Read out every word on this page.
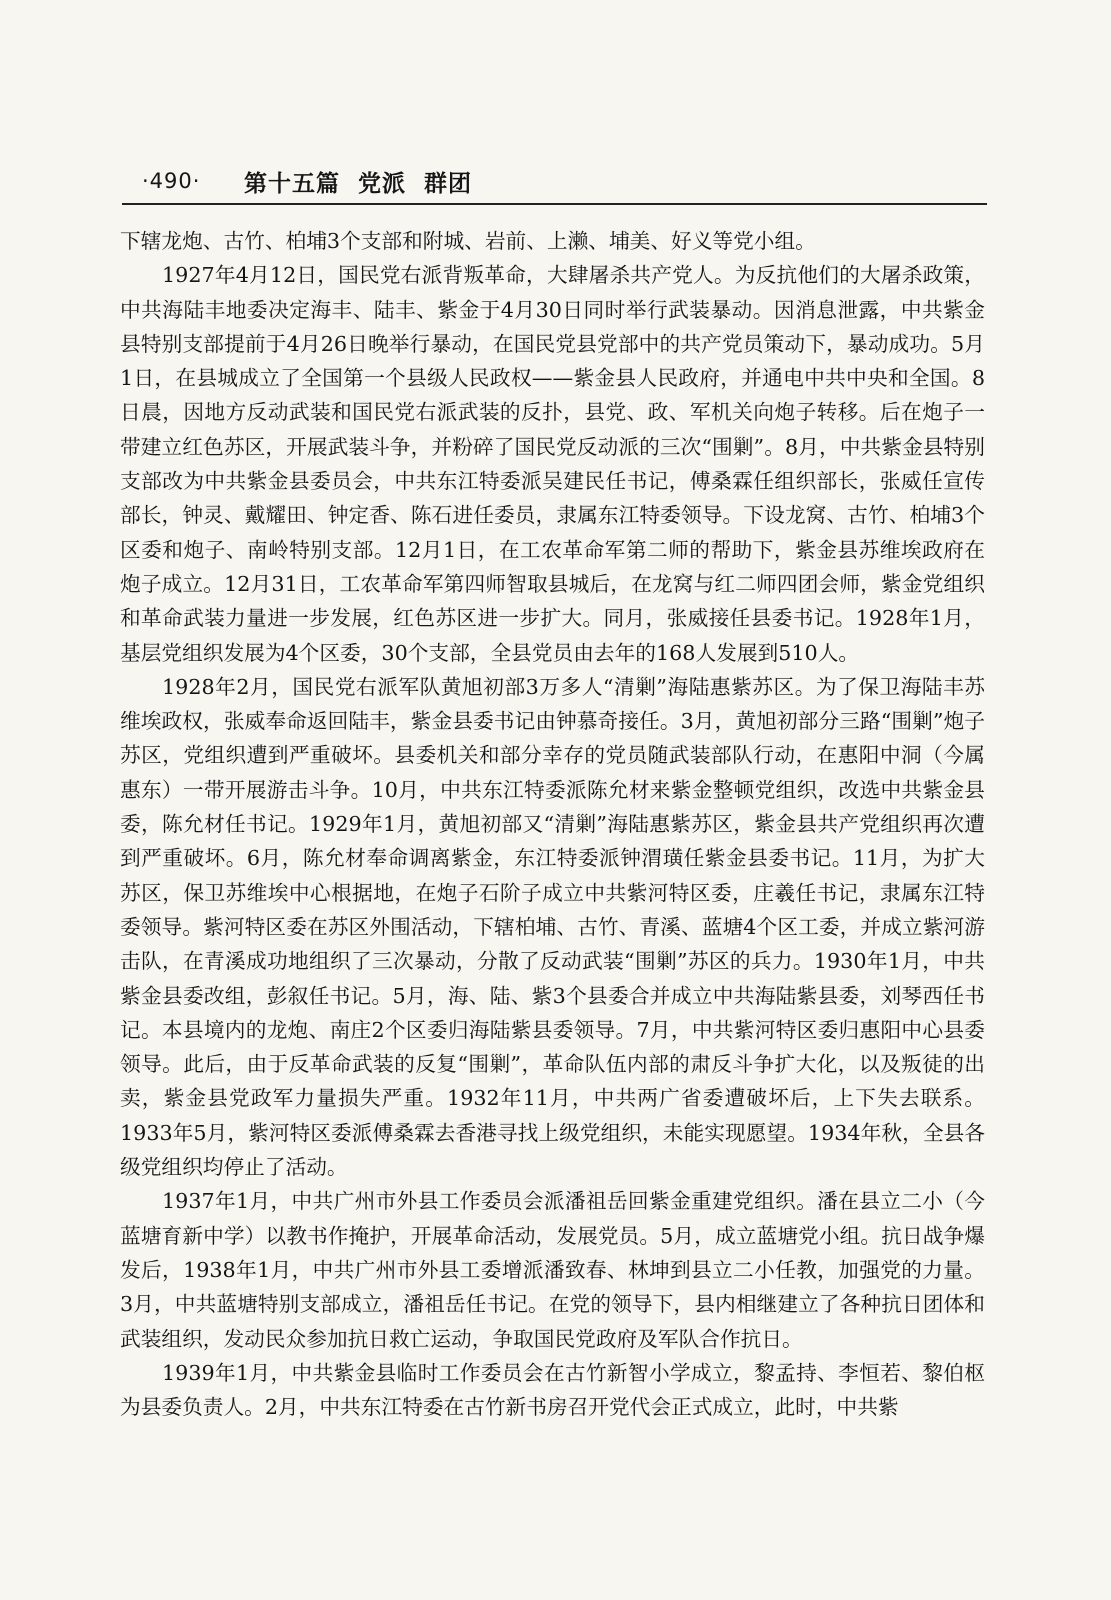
·490· 第十五篇  党派  群团

下辖龙炮、古竹、柏埔3个支部和附城、岩前、上濑、埔美、好义等党小组。

1927年4月12日，国民党右派背叛革命，大肆屠杀共产党人。为反抗他们的大屠杀政策，中共海陆丰地委决定海丰、陆丰、紫金于4月30日同时举行武装暴动。因消息泄露，中共紫金县特别支部提前于4月26日晚举行暴动，在国民党县党部中的共产党员策动下，暴动成功。5月1日，在县城成立了全国第一个县级人民政权——紫金县人民政府，并通电中共中央和全国。8日晨，因地方反动武装和国民党右派武装的反扑，县党、政、军机关向炮子转移。后在炮子一带建立红色苏区，开展武装斗争，并粉碎了国民党反动派的三次“围剿”。8月，中共紫金县特别支部改为中共紫金县委员会，中共东江特委派吴建民任书记，傅桑霖任组织部长，张威任宣传部长，钟灵、戴耀田、钟定香、陈石进任委员，隶属东江特委领导。下设龙窝、古竹、柏埔3个区委和炮子、南岭特别支部。12月1日，在工农革命军第二师的帮助下，紫金县苏维埃政府在炮子成立。12月31日，工农革命军第四师智取县城后，在龙窝与红二师四团会师，紫金党组织和革命武装力量进一步发展，红色苏区进一步扩大。同月，张威接任县委书记。1928年1月，基层党组织发展为4个区委，30个支部，全县党员由去年的168人发展到510人。

1928年2月，国民党右派军队黄旭初部3万多人“清剿”海陆惠紫苏区。为了保卫海陆丰苏维埃政权，张威奉命返回陆丰，紫金县委书记由钟慕奇接任。3月，黄旭初部分三路“围剿”炮子苏区，党组织遭到严重破坏。县委机关和部分幸存的党员随武装部队行动，在惠阳中洞（今属惠东）一带开展游击斗争。10月，中共东江特委派陈允材来紫金整顿党组织，改选中共紫金县委，陈允材任书记。1929年1月，黄旭初部又“清剿”海陆惠紫苏区，紫金县共产党组织再次遭到严重破坏。6月，陈允材奉命调离紫金，东江特委派钟渭璜任紫金县委书记。11月，为扩大苏区，保卫苏维埃中心根据地，在炮子石阶子成立中共紫河特区委，庄羲任书记，隶属东江特委领导。紫河特区委在苏区外围活动，下辖柏埔、古竹、青溪、蓝塘4个区工委，并成立紫河游击队，在青溪成功地组织了三次暴动，分散了反动武装“围剿”苏区的兵力。1930年1月，中共紫金县委改组，彭叙任书记。5月，海、陆、紫3个县委合并成立中共海陆紫县委，刘琴西任书记。本县境内的龙炮、南庄2个区委归海陆紫县委领导。7月，中共紫河特区委归惠阳中心县委领导。此后，由于反革命武装的反复“围剿”，革命队伍内部的肃反斗争扩大化，以及叛徒的出卖，紫金县党政军力量损失严重。1932年11月，中共两广省委遭破坏后，上下失去联系。1933年5月，紫河特区委派傅桑霖去香港寻找上级党组织，未能实现愿望。1934年秋，全县各级党组织均停止了活动。

1937年1月，中共广州市外县工作委员会派潘祖岳回紫金重建党组织。潘在县立二小（今蓝塘育新中学）以教书作掩护，开展革命活动，发展党员。5月，成立蓝塘党小组。抗日战争爆发后，1938年1月，中共广州市外县工委增派潘致春、林坤到县立二小任教，加强党的力量。3月，中共蓝塘特别支部成立，潘祖岳任书记。在党的领导下，县内相继建立了各种抗日团体和武装组织，发动民众参加抗日救亡运动，争取国民党政府及军队合作抗日。

1939年1月，中共紫金县临时工作委员会在古竹新智小学成立，黎孟持、李恒若、黎伯枢为县委负责人。2月，中共东江特委在古竹新书房召开党代会正式成立，此时，中共紫
